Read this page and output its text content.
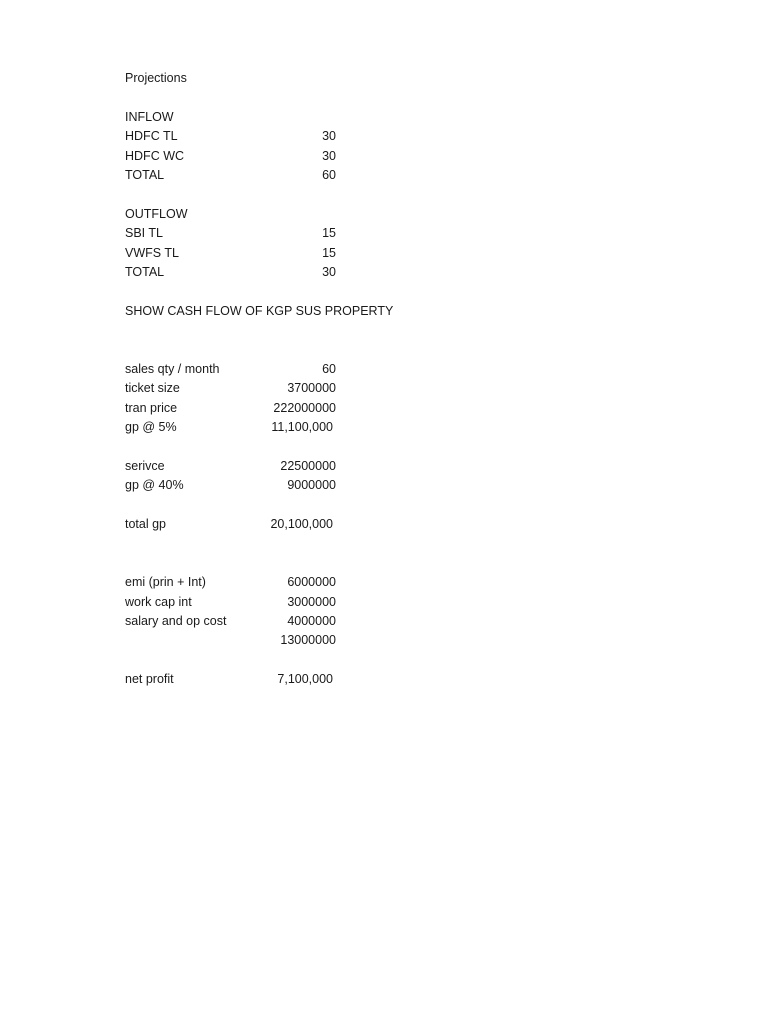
Projections
INFLOW
HDFC TL	30
HDFC WC	30
TOTAL	60
OUTFLOW
SBI TL	15
VWFS TL	15
TOTAL	30
SHOW CASH FLOW OF KGP SUS PROPERTY
sales qty / month	60
ticket size	3700000
tran price	222000000
gp @ 5%	11,100,000
serivce	22500000
gp @ 40%	9000000
total gp	20,100,000
emi (prin + Int)	6000000
work cap int	3000000
salary and op cost	4000000
13000000
net profit	7,100,000
